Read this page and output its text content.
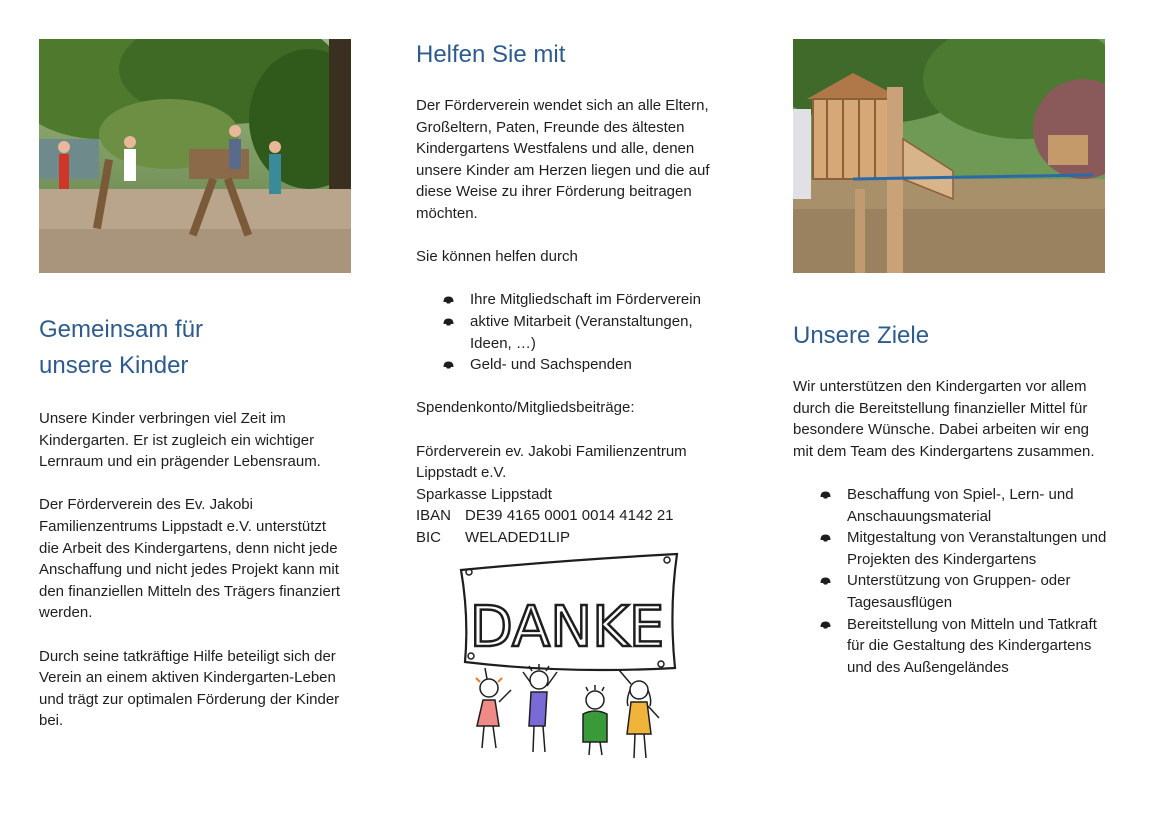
Gemeinsam für
unsere Kinder

Unsere Kinder verbringen viel Zeit im
Kindergarten. Er ist zugleich ein wichtiger
Lernraum und ein prägender Lebensraum.

Der Förderverein des Ev. Jakobi
Familienzentrums Lippstadt e.V. unterstützt
die Arbeit des Kindergartens, denn nicht jede
Anschaffung und nicht jedes Projekt kann mit
den finanziellen Mitteln des Trägers finanziert
werden.

Durch seine tatkräftige Hilfe beteiligt sich der
Verein an einem aktiven Kindergarten-Leben
und trägt zur optimalen Förderung der Kinder
bei.

Helfen Sie mit

Der Förderverein wendet sich an alle Eltern,
Großeltern, Paten, Freunde des ältesten
Kindergartens Westfalens und alle, denen
unsere Kinder am Herzen liegen und die auf
diese Weise zu ihrer Förderung beitragen
möchten.

Sie können helfen durch

Ihre Mitgliedschaft im Förderverein
aktive Mitarbeit (Veranstaltungen,
Ideen, …)
Geld- und Sachspenden

Spendenkonto/Mitgliedsbeiträge:

Förderverein ev. Jakobi Familienzentrum
Lippstadt e.V.

Sparkasse Lippstadt

IBAN DE39 4165 0001 0014 4142 21
BIC	WELADED1LIP
DANKE
Unsere Ziele

Wir unterstützen den Kindergarten vor allem
durch die Bereitstellung finanzieller Mittel für
besondere Wünsche. Dabei arbeiten wir eng
mit dem Team des Kindergartens zusammen.

Beschaffung von Spiel-, Lern- und
Anschauungsmaterial
Mitgestaltung von Veranstaltungen und
Projekten des Kindergartens
Unterstützung von Gruppen- oder
Tagesausflügen
Bereitstellung von Mitteln und Tatkraft
für die Gestaltung des Kindergartens
und des Außengeländes
